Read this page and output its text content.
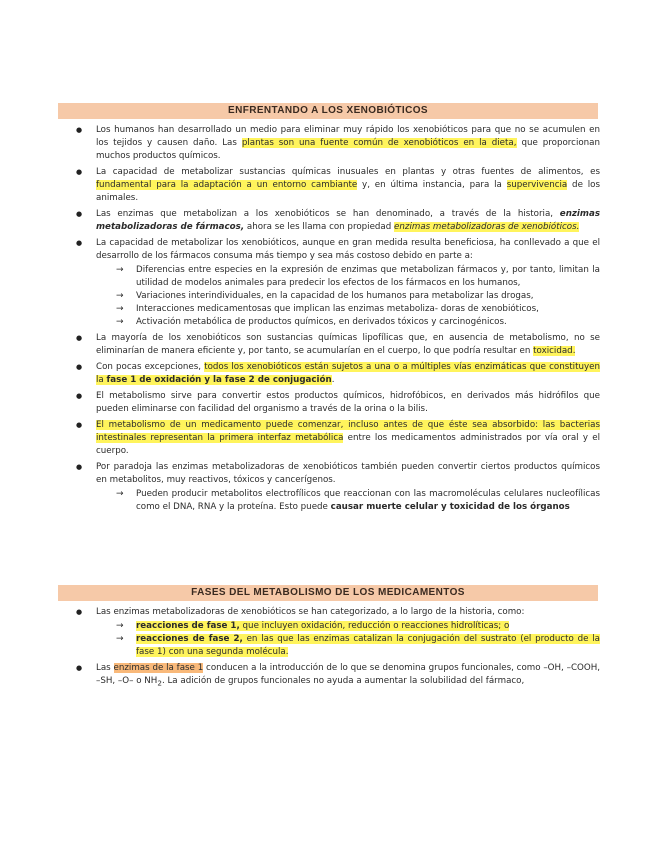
ENFRENTANDO A LOS XENOBIÓTICOS
● Los humanos han desarrollado un medio para eliminar muy rápido los xenobióticos para que no se acumulen en los tejidos y causen daño. Las plantas son una fuente común de xenobióticos en la dieta, que proporcionan muchos productos químicos.
● La capacidad de metabolizar sustancias químicas inusuales en plantas y otras fuentes de alimentos, es fundamental para la adaptación a un entorno cambiante y, en última instancia, para la supervivencia de los animales.
● Las enzimas que metabolizan a los xenobióticos se han denominado, a través de la historia, enzimas metabolizadoras de fármacos, ahora se les llama con propiedad enzimas metabolizadoras de xenobióticos.
● La capacidad de metabolizar los xenobióticos, aunque en gran medida resulta beneficiosa, ha conllevado a que el desarrollo de los fármacos consuma más tiempo y sea más costoso debido en parte a:
→ Diferencias entre especies en la expresión de enzimas que metabolizan fármacos y, por tanto, limitan la utilidad de modelos animales para predecir los efectos de los fármacos en los humanos,
→ Variaciones interindividuales, en la capacidad de los humanos para metabolizar las drogas,
→ Interacciones medicamentosas que implican las enzimas metaboliza- doras de xenobióticos,
→ Activación metabólica de productos químicos, en derivados tóxicos y carcinogénicos.
● La mayoría de los xenobióticos son sustancias químicas lipofílicas que, en ausencia de metabolismo, no se eliminarían de manera eficiente y, por tanto, se acumularían en el cuerpo, lo que podría resultar en toxicidad.
● Con pocas excepciones, todos los xenobióticos están sujetos a una o a múltiples vías enzimáticas que constituyen la fase 1 de oxidación y la fase 2 de conjugación.
● El metabolismo sirve para convertir estos productos químicos, hidrofóbicos, en derivados más hidrófilos que pueden eliminarse con facilidad del organismo a través de la orina o la bilis.
● El metabolismo de un medicamento puede comenzar, incluso antes de que éste sea absorbido: las bacterias intestinales representan la primera interfaz metabólica entre los medicamentos administrados por vía oral y el cuerpo.
● Por paradoja las enzimas metabolizadoras de xenobióticos también pueden convertir ciertos productos químicos en metabolitos, muy reactivos, tóxicos y cancerígenos.
→ Pueden producir metabolitos electrofílicos que reaccionan con las macromoléculas celulares nucleofílicas como el DNA, RNA y la proteína. Esto puede causar muerte celular y toxicidad de los órganos
FASES DEL METABOLISMO DE LOS MEDICAMENTOS
● Las enzimas metabolizadoras de xenobióticos se han categorizado, a lo largo de la historia, como:
→ reacciones de fase 1, que incluyen oxidación, reducción o reacciones hidrolíticas; o
→ reacciones de fase 2, en las que las enzimas catalizan la conjugación del sustrato (el producto de la fase 1) con una segunda molécula.
● Las enzimas de la fase 1 conducen a la introducción de lo que se denomina grupos funcionales, como –OH, –COOH, –SH, –O– o $NH_2$. La adición de grupos funcionales no ayuda a aumentar la solubilidad del fármaco,
